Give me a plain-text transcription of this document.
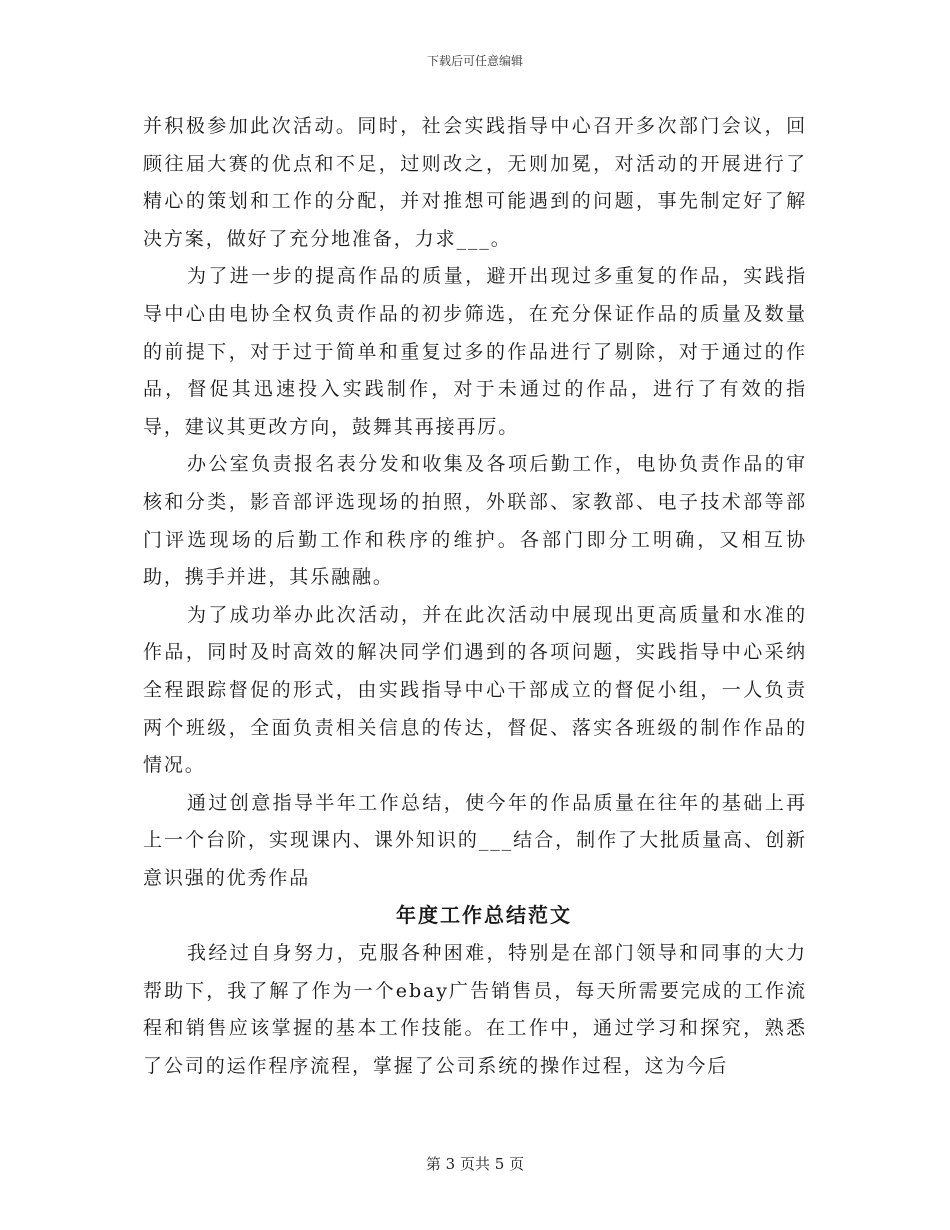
下载后可任意编辑

并积极参加此次活动。同时，社会实践指导中心召开多次部门会议，回顾往届大赛的优点和不足，过则改之，无则加冕，对活动的开展进行了精心的策划和工作的分配，并对推想可能遇到的问题，事先制定好了解决方案，做好了充分地准备，力求___。

为了进一步的提高作品的质量，避开出现过多重复的作品，实践指导中心由电协全权负责作品的初步筛选，在充分保证作品的质量及数量的前提下，对于过于简单和重复过多的作品进行了剔除，对于通过的作品，督促其迅速投入实践制作，对于未通过的作品，进行了有效的指导，建议其更改方向，鼓舞其再接再厉。

办公室负责报名表分发和收集及各项后勤工作，电协负责作品的审核和分类，影音部评选现场的拍照，外联部、家教部、电子技术部等部门评选现场的后勤工作和秩序的维护。各部门即分工明确，又相互协助，携手并进，其乐融融。

为了成功举办此次活动，并在此次活动中展现出更高质量和水准的作品，同时及时高效的解决同学们遇到的各项问题，实践指导中心采纳全程跟踪督促的形式，由实践指导中心干部成立的督促小组，一人负责两个班级，全面负责相关信息的传达，督促、落实各班级的制作作品的情况。

通过创意指导半年工作总结，使今年的作品质量在往年的基础上再上一个台阶，实现课内、课外知识的___结合，制作了大批质量高、创新意识强的优秀作品

年度工作总结范文

我经过自身努力，克服各种困难，特别是在部门领导和同事的大力帮助下，我了解了作为一个ebay广告销售员，每天所需要完成的工作流程和销售应该掌握的基本工作技能。在工作中，通过学习和探究，熟悉了公司的运作程序流程，掌握了公司系统的操作过程，这为今后

第 3 页共 5 页
